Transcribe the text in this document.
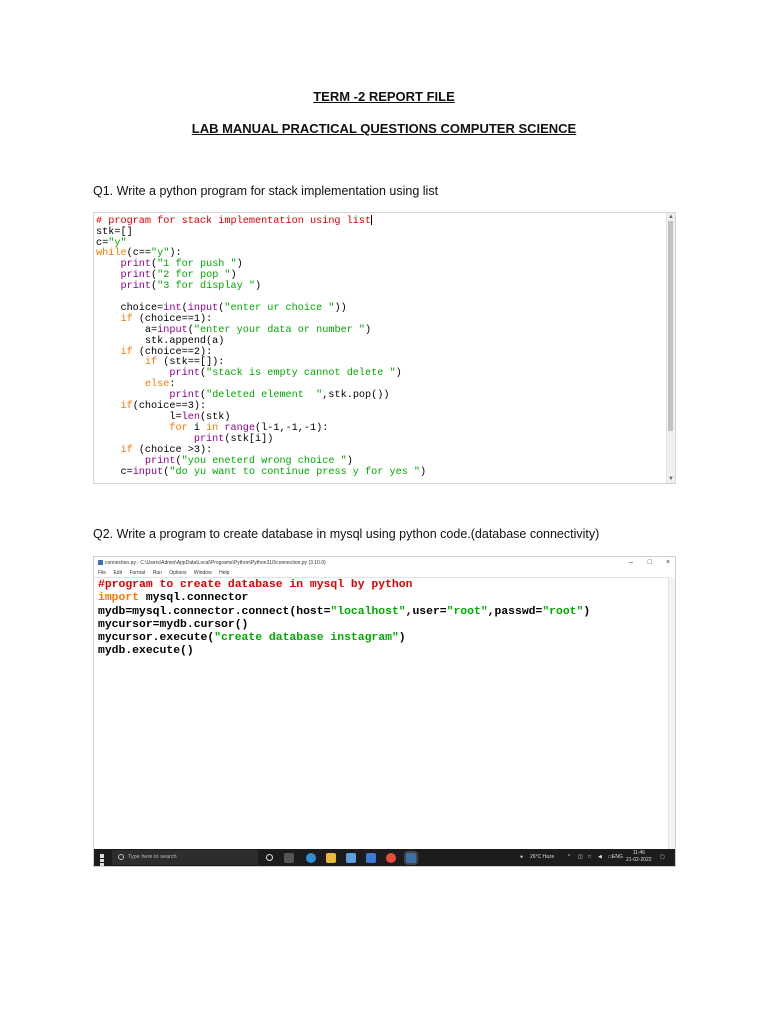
TERM -2 REPORT FILE
LAB MANUAL PRACTICAL QUESTIONS COMPUTER SCIENCE
Q1. Write a python program for stack implementation using list
# program for stack implementation using list
stk=[]
c="y"
while(c=="y"):
print("1 for push ")
print("2 for pop ")
print("3 for display ")

choice=int(input("enter ur choice "))
if (choice==1):
a=input("enter your data or number ")
stk.append(a)
if (choice==2):
if (stk==[]):
print("stack is empty cannot delete ")
else:
print("deleted element  ",stk.pop())
if(choice==3):
l=len(stk)
for i in range(l-1,-1,-1):
print(stk[i])
if (choice >3):
print("you eneterd wrong choice ")
c=input("do yu want to continue press y for yes ")
▲
▼
Q2. Write a program to create database in mysql using python code.(database connectivity)
connection.py - C:\Users\Admin\AppData\Local\Programs\Python\Python310\connection.py (3.10.0)	– □ ×
File Edit Format Run Options Window Help
#program to create database in mysql by python
import mysql.connector
mydb=mysql.connector.connect(host="localhost",user="root",passwd="root")
mycursor=mydb.cursor()
mycursor.execute("create database instagram")
mydb.execute()
Type here to search	● 26°C Haze	^ ◫ □ ◀ ▭ ENG
11:46
21-02-2022 ▢
